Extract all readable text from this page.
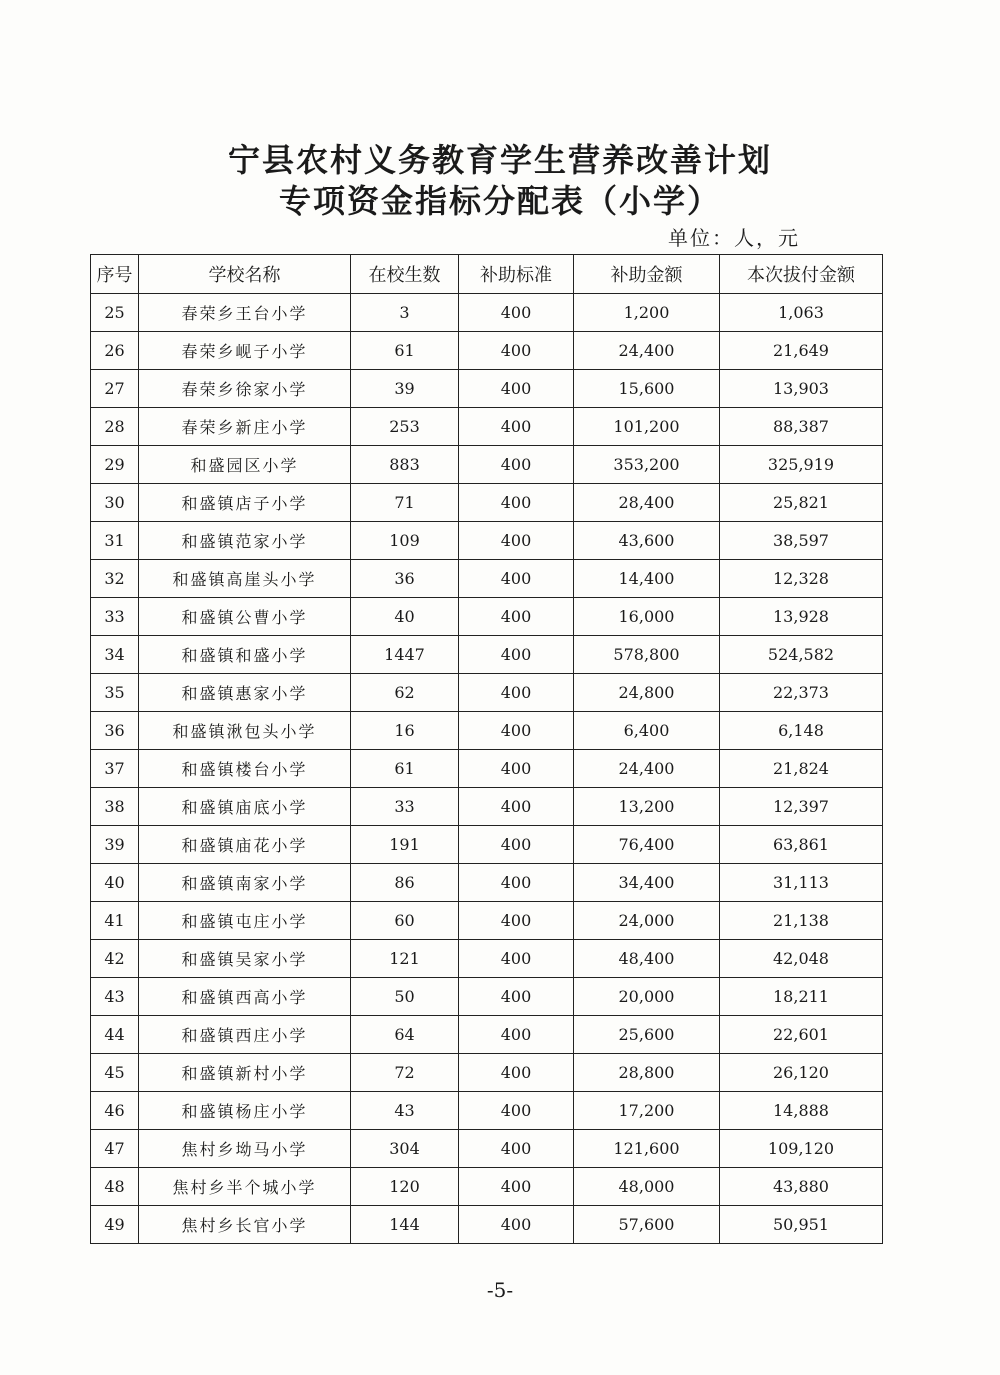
宁县农村义务教育学生营养改善计划
专项资金指标分配表（小学）
单位：人，元
序号	学校名称	在校生数	补助标准	补助金额	本次拔付金额
25	春荣乡王台小学	3	400	1,200	1,063
26	春荣乡岘子小学	61	400	24,400	21,649
27	春荣乡徐家小学	39	400	15,600	13,903
28	春荣乡新庄小学	253	400	101,200	88,387
29	和盛园区小学	883	400	353,200	325,919
30	和盛镇店子小学	71	400	28,400	25,821
31	和盛镇范家小学	109	400	43,600	38,597
32	和盛镇高崖头小学	36	400	14,400	12,328
33	和盛镇公曹小学	40	400	16,000	13,928
34	和盛镇和盛小学	1447	400	578,800	524,582
35	和盛镇惠家小学	62	400	24,800	22,373
36	和盛镇湫包头小学	16	400	6,400	6,148
37	和盛镇楼台小学	61	400	24,400	21,824
38	和盛镇庙底小学	33	400	13,200	12,397
39	和盛镇庙花小学	191	400	76,400	63,861
40	和盛镇南家小学	86	400	34,400	31,113
41	和盛镇屯庄小学	60	400	24,000	21,138
42	和盛镇吴家小学	121	400	48,400	42,048
43	和盛镇西高小学	50	400	20,000	18,211
44	和盛镇西庄小学	64	400	25,600	22,601
45	和盛镇新村小学	72	400	28,800	26,120
46	和盛镇杨庄小学	43	400	17,200	14,888
47	焦村乡坳马小学	304	400	121,600	109,120
48	焦村乡半个城小学	120	400	48,000	43,880
49	焦村乡长官小学	144	400	57,600	50,951
-5-
